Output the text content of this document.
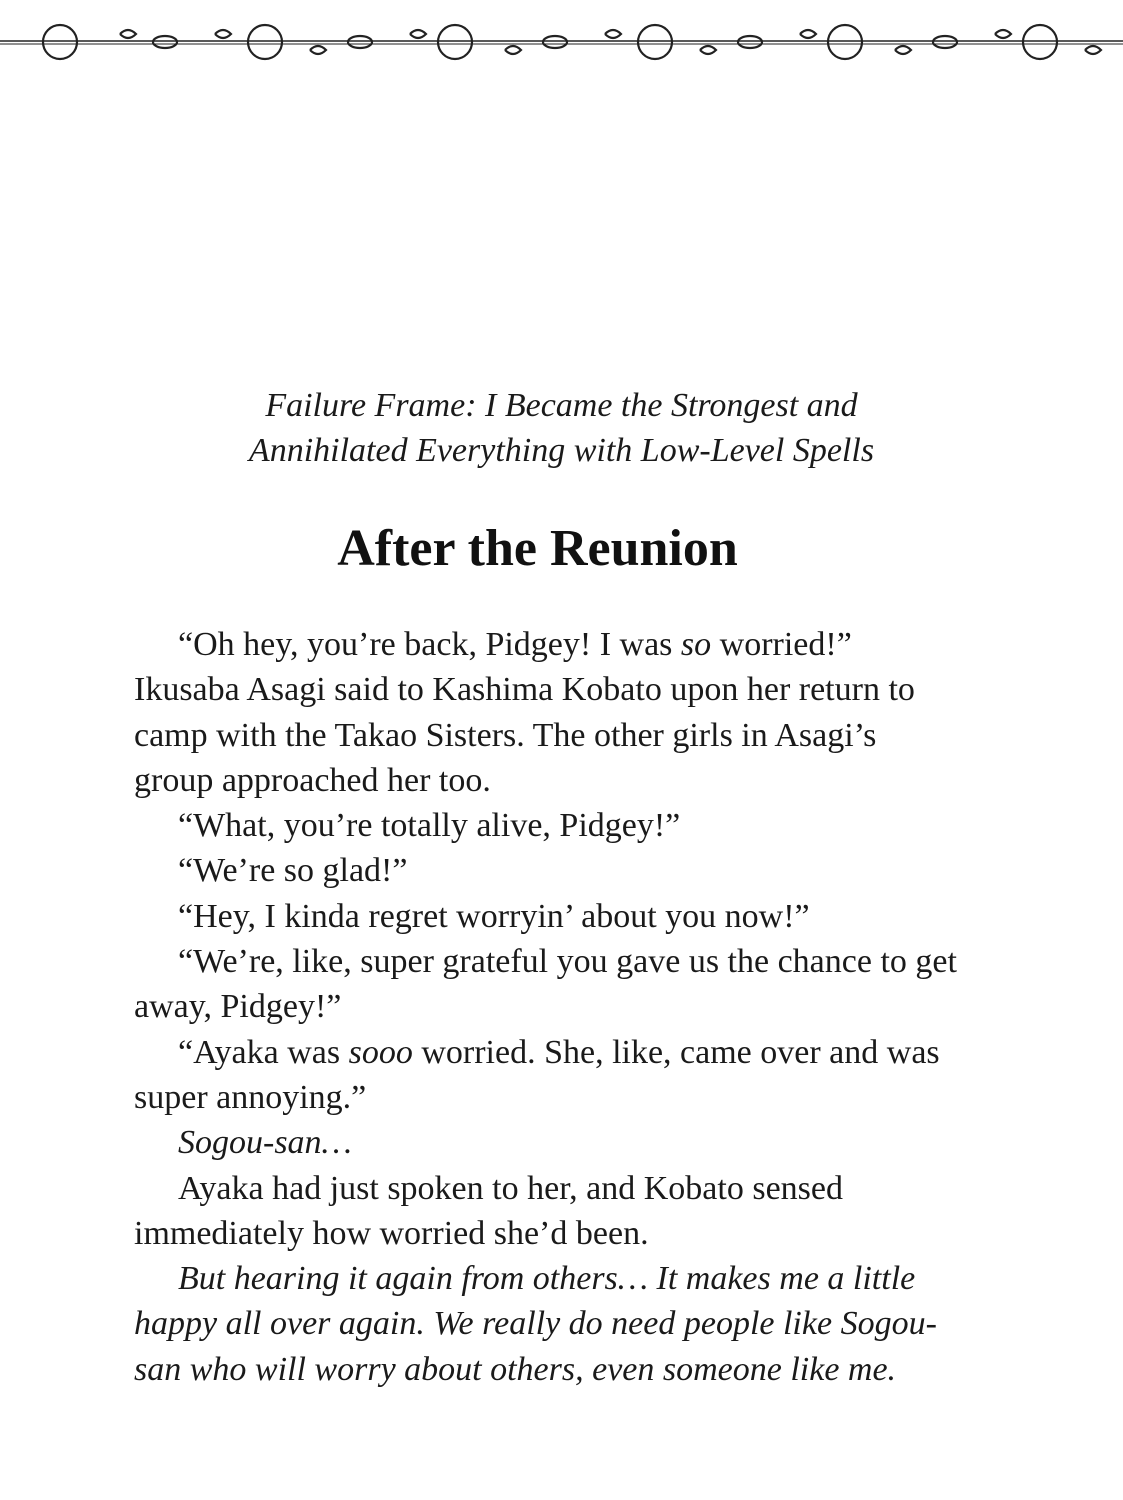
Failure Frame: I Became the Strongest and
Annihilated Everything with Low-Level Spells
After the Reunion

“Oh hey, you’re back, Pidgey! I was so worried!” Ikusaba Asagi said to Kashima Kobato upon her return to camp with the Takao Sisters. The other girls in Asagi’s group approached her too.

“What, you’re totally alive, Pidgey!”

“We’re so glad!”

“Hey, I kinda regret worryin’ about you now!”

“We’re, like, super grateful you gave us the chance to get away, Pidgey!”

“Ayaka was sooo worried. She, like, came over and was super annoying.”

Sogou-san…

Ayaka had just spoken to her, and Kobato sensed immediately how worried she’d been.

But hearing it again from others… It makes me a little happy all over again. We really do need people like Sogou-san who will worry about others, even someone like me.
